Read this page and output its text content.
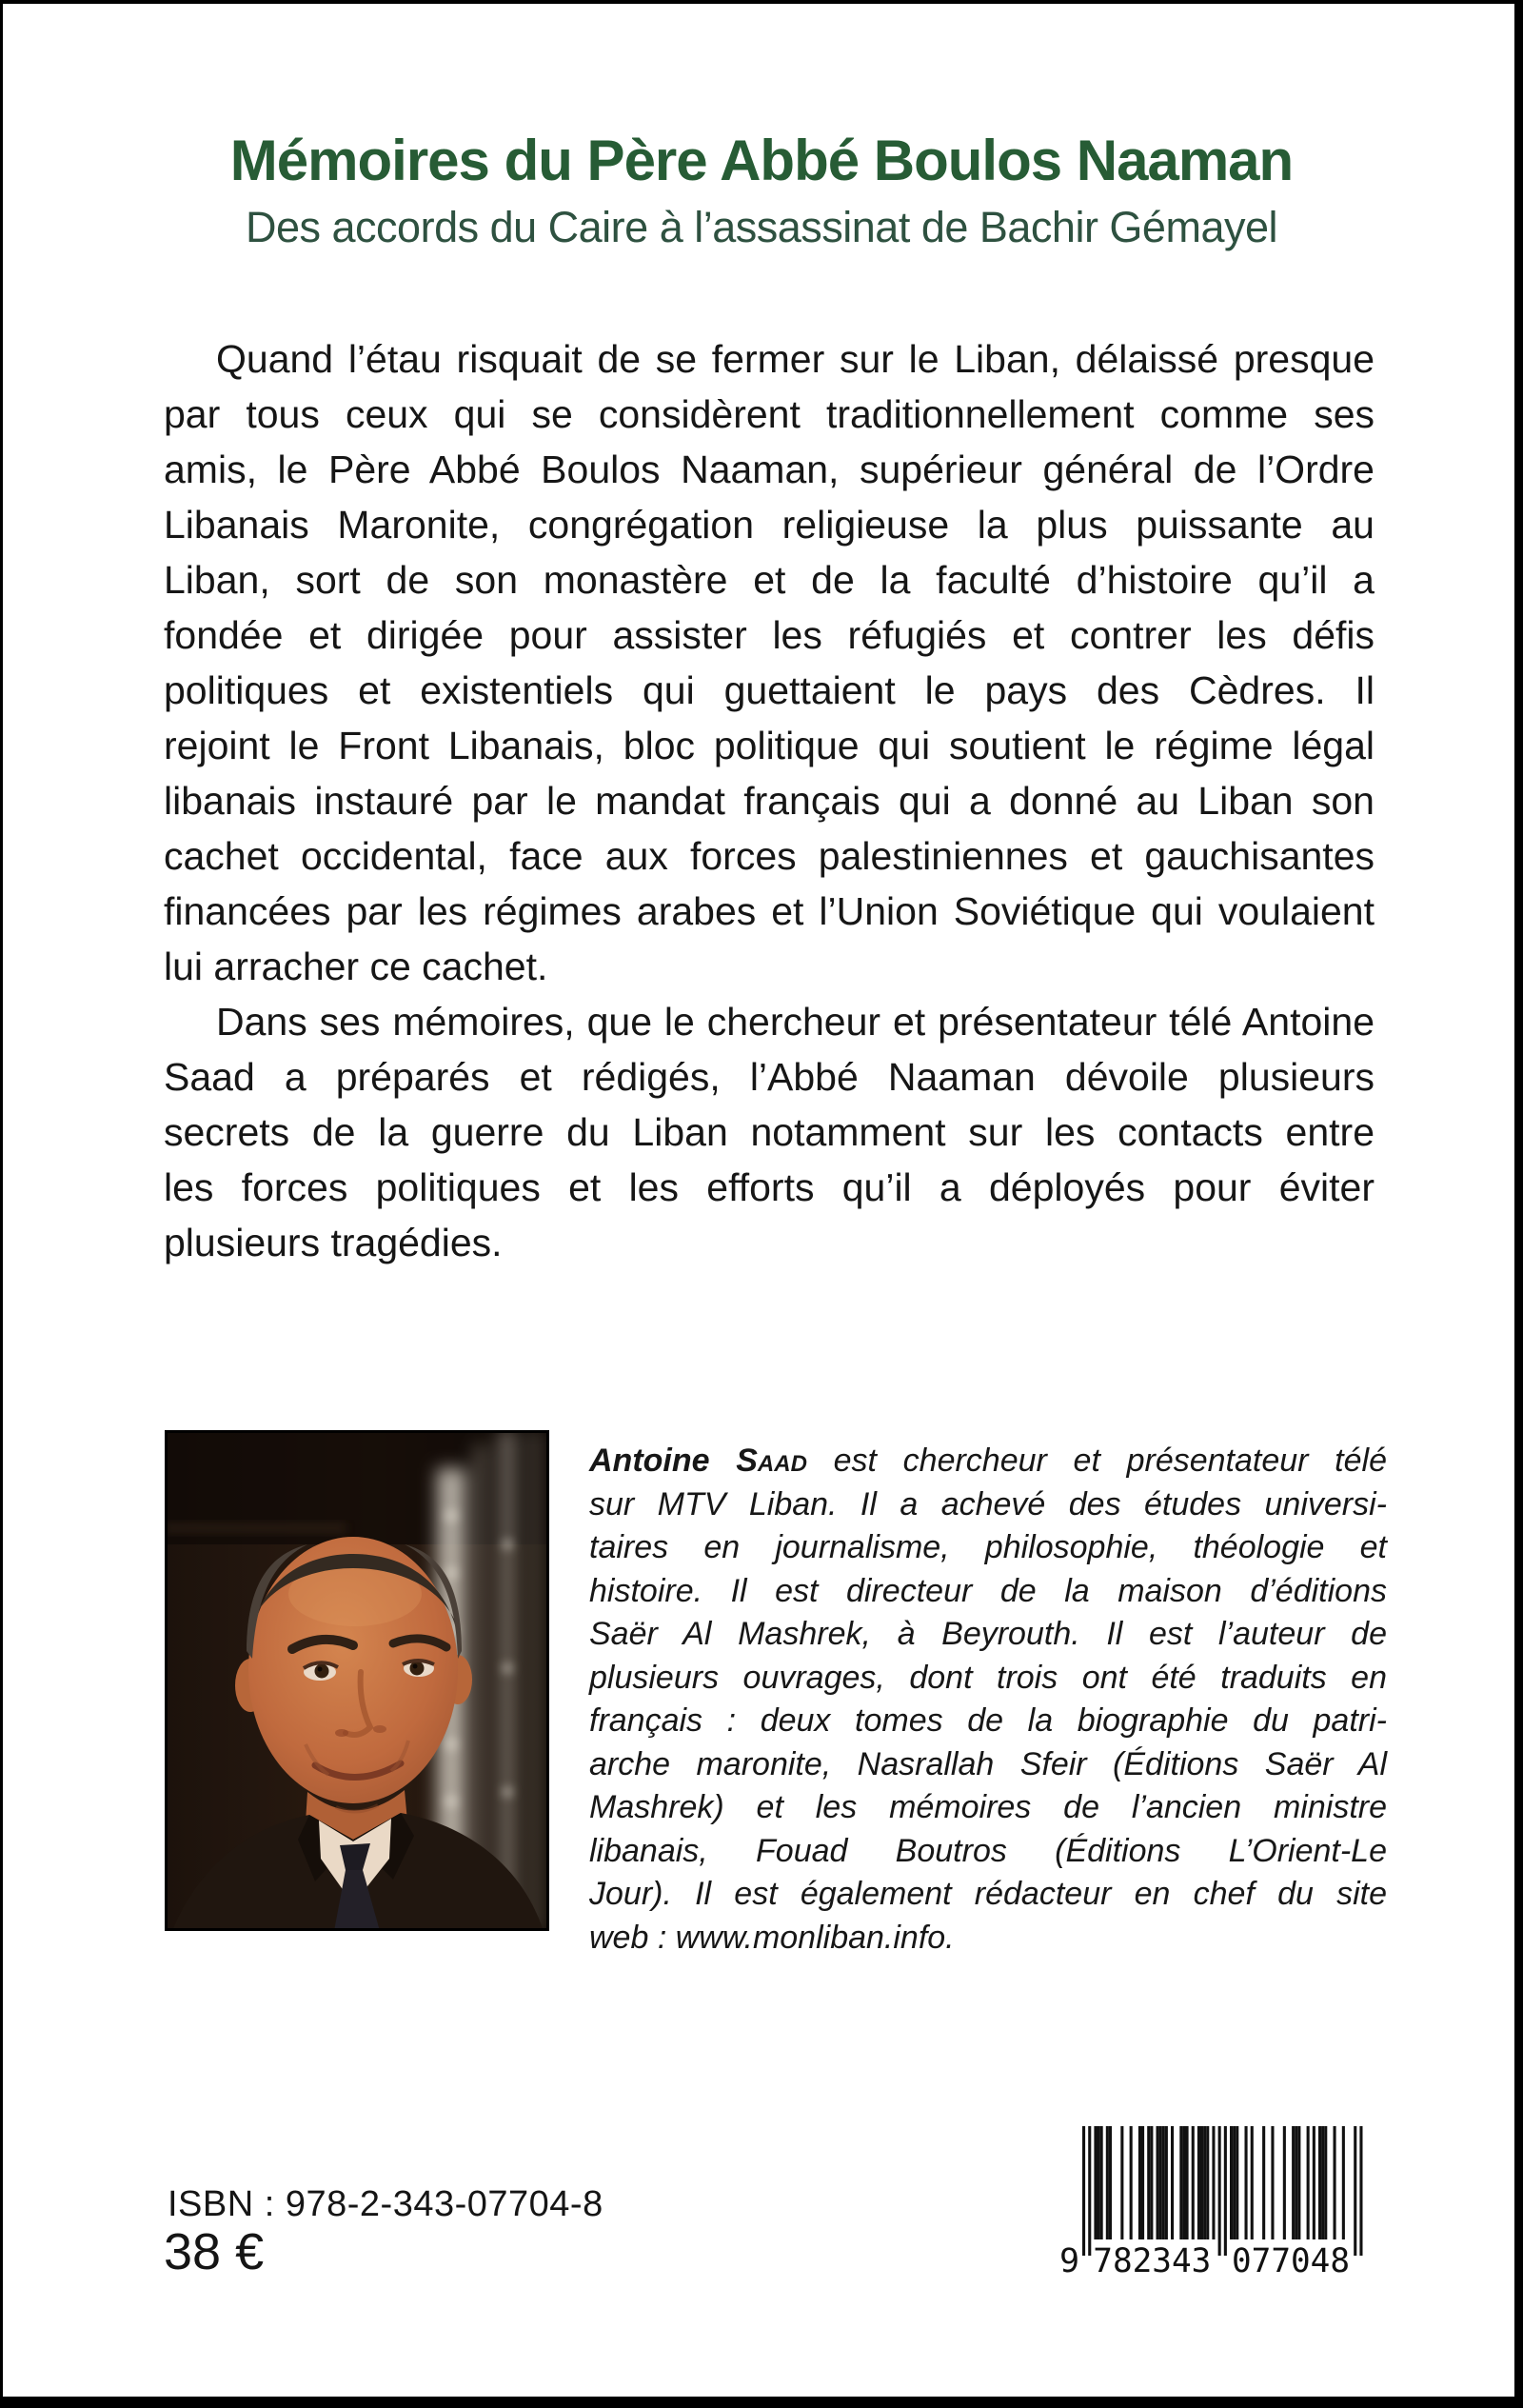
Mémoires du Père Abbé Boulos Naaman
Des accords du Caire à l’assassinat de Bachir Gémayel
Quand l’étau risquait de se fermer sur le Liban, délaissé presque
par tous ceux qui se considèrent traditionnellement comme ses
amis, le Père Abbé Boulos Naaman, supérieur général de l’Ordre
Libanais Maronite, congrégation religieuse la plus puissante au
Liban, sort de son monastère et de la faculté d’histoire qu’il a
fondée et dirigée pour assister les réfugiés et contrer les défis
politiques et existentiels qui guettaient le pays des Cèdres. Il
rejoint le Front Libanais, bloc politique qui soutient le régime légal
libanais instauré par le mandat français qui a donné au Liban son
cachet occidental, face aux forces palestiniennes et gauchisantes
financées par les régimes arabes et l’Union Soviétique qui voulaient
lui arracher ce cachet.
Dans ses mémoires, que le chercheur et présentateur télé Antoine
Saad a préparés et rédigés, l’Abbé Naaman dévoile plusieurs
secrets de la guerre du Liban notamment sur les contacts entre
les forces politiques et les efforts qu’il a déployés pour éviter
plusieurs tragédies.
Antoine Saad est chercheur et présentateur télé
sur MTV Liban. Il a achevé des études universi-
taires en journalisme, philosophie, théologie et
histoire. Il est directeur de la maison d’éditions
Saër Al Mashrek, à Beyrouth. Il est l’auteur de
plusieurs ouvrages, dont trois ont été traduits en
français : deux tomes de la biographie du patri-
arche maronite, Nasrallah Sfeir (Éditions Saër Al
Mashrek) et les mémoires de l’ancien ministre
libanais, Fouad Boutros (Éditions L’Orient-Le
Jour). Il est également rédacteur en chef du site
web : www.monliban.info.
ISBN : 978-2-343-07704-8
38 €	9 782343 077048
